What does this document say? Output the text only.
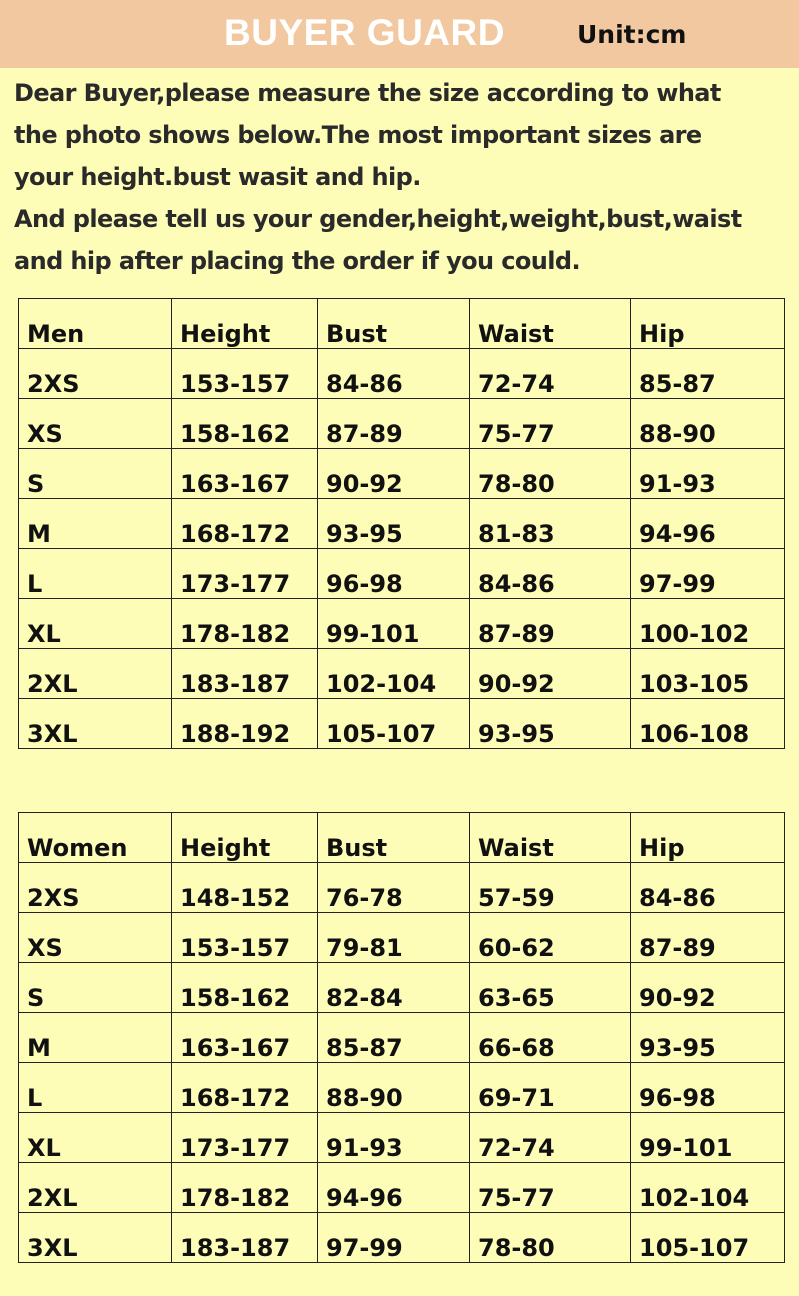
BUYER GUARD	Unit:cm

Dear Buyer,please measure the size according to what

the photo shows below.The most important sizes are

your height.bust wasit and hip.

And please tell us your gender,height,weight,bust,waist

and hip after placing the order if you could.

Men	Height	Bust	Waist	Hip
2XS	153-157	84-86	72-74	85-87
XS	158-162	87-89	75-77	88-90
S	163-167	90-92	78-80	91-93
M	168-172	93-95	81-83	94-96
L	173-177	96-98	84-86	97-99
XL	178-182	99-101	87-89	100-102
2XL	183-187	102-104	90-92	103-105
3XL	188-192	105-107	93-95	106-108
Women	Height	Bust	Waist	Hip
2XS	148-152	76-78	57-59	84-86
XS	153-157	79-81	60-62	87-89
S	158-162	82-84	63-65	90-92
M	163-167	85-87	66-68	93-95
L	168-172	88-90	69-71	96-98
XL	173-177	91-93	72-74	99-101
2XL	178-182	94-96	75-77	102-104
3XL	183-187	97-99	78-80	105-107
